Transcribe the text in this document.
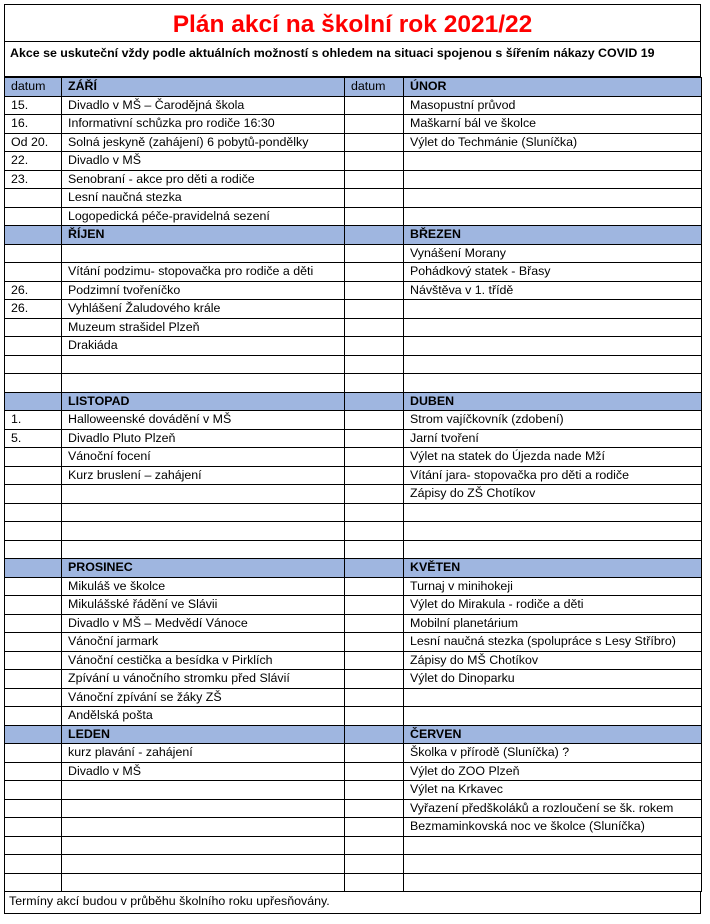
Plán akcí na školní rok 2021/22
Akce se uskuteční vždy podle aktuálních možností s ohledem na situaci spojenou s šířením nákazy COVID 19
datum	ZÁŘÍ	datum	ÚNOR
15.	Divadlo v MŠ – Čarodějná škola		Masopustní průvod
16.	Informativní schůzka pro rodiče 16:30		Maškarní bál ve školce
Od 20.	Solná jeskyně (zahájení) 6 pobytů-pondělky		Výlet do Techmánie (Sluníčka)
22.	Divadlo v MŠ		
23.	Senobraní - akce pro děti a rodiče		
	Lesní naučná stezka		
	Logopedická péče-pravidelná sezení		
	ŘÍJEN		BŘEZEN
			Vynášení Morany
	Vítání podzimu- stopovačka pro rodiče a děti		Pohádkový statek - Břasy
26.	Podzimní tvořeníčko		Návštěva v 1. třídě
26.	Vyhlášení Žaludového krále		
	Muzeum strašidel Plzeň		
	Drakiáda		

	LISTOPAD		DUBEN
1.	Halloweenské dovádění v MŠ		Strom vajíčkovník (zdobení)
5.	Divadlo Pluto Plzeň		Jarní tvoření
	Vánoční focení		Výlet na statek do Újezda nade Mží
	Kurz bruslení – zahájení		Vítání jara- stopovačka pro děti a rodiče
			Zápisy do ZŠ Chotíkov

	PROSINEC		KVĚTEN
	Mikuláš ve školce		Turnaj v minihokeji
	Mikulášské řádění ve Slávii		Výlet do Mirakula - rodiče a děti
	Divadlo v MŠ – Medvědí Vánoce		Mobilní planetárium
	Vánoční jarmark		Lesní naučná stezka (spolupráce s Lesy Stříbro)
	Vánoční cestička a besídka v Pirklích		Zápisy do MŠ Chotíkov
	Zpívání u vánočního stromku před Slávií		Výlet do Dinoparku
	Vánoční zpívání se žáky ZŠ		
	Andělská pošta		
	LEDEN		ČERVEN
	kurz plavání - zahájení		Školka v přírodě (Sluníčka) ?
	Divadlo v MŠ		Výlet do ZOO Plzeň
			Výlet na Krkavec
			Vyřazení předškoláků a rozloučení se šk. rokem
			Bezmaminkovská noc ve školce (Sluníčka)

Termíny akcí budou v průběhu školního roku upřesňovány.
